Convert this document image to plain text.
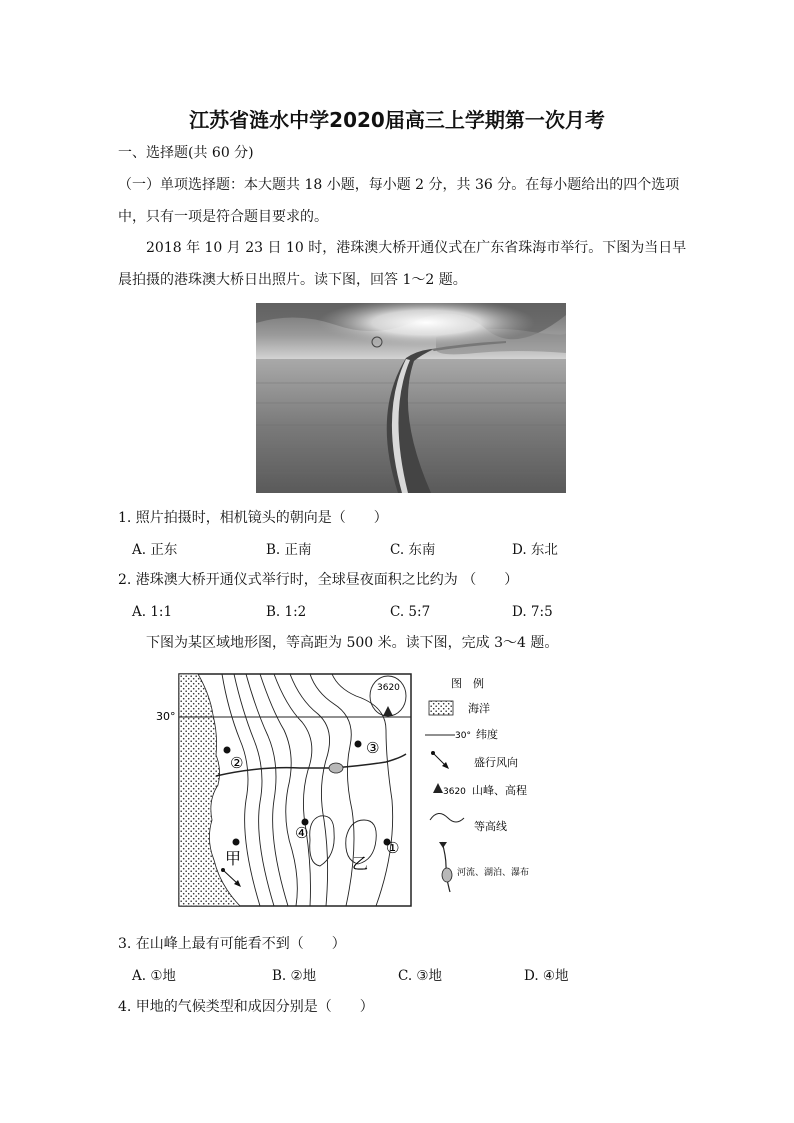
江苏省涟水中学2020届高三上学期第一次月考
一、选择题(共 60 分)
（一）单项选择题：本大题共 18 小题，每小题 2 分，共 36 分。在每小题给出的四个选项
中，只有一项是符合题目要求的。
2018 年 10 月 23 日 10 时，港珠澳大桥开通仪式在广东省珠海市举行。下图为当日早
晨拍摄的港珠澳大桥日出照片。读下图，回答 1～2 题。
1. 照片拍摄时，相机镜头的朝向是（　　）
A. 正东	B. 正南	C. 东南	D. 东北
2. 港珠澳大桥开通仪式举行时，全球昼夜面积之比约为 （　　）
A. 1:1	B. 1:2	C. 5:7	D. 7:5
下图为某区域地形图，等高距为 500 米。读下图，完成 3～4 题。
30°
3620
②
③
④
①
甲	乙
图　例
海洋
30° 纬度
盛行风向
3620 山峰、高程
等高线
河流、湖泊、瀑布
3. 在山峰上最有可能看不到（　　）
A. ①地	B. ②地	C. ③地	D. ④地
4. 甲地的气候类型和成因分别是（　　）
